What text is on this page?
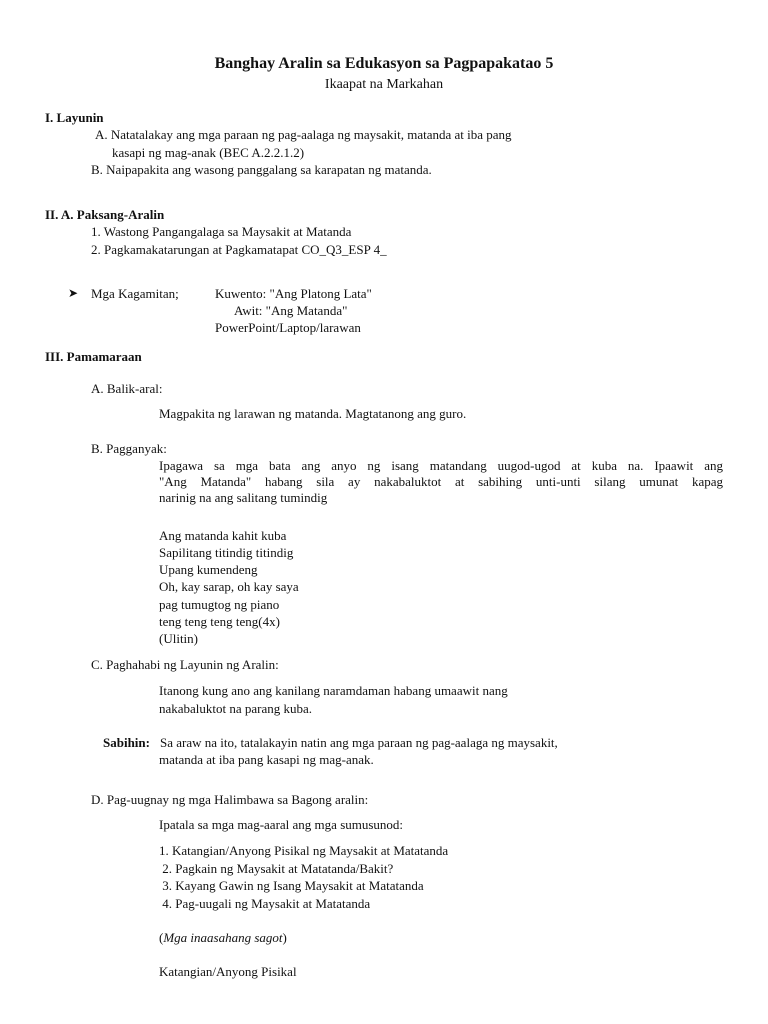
Banghay Aralin sa Edukasyon sa Pagpapakatao 5
Ikaapat na Markahan
I. Layunin
A. Natatalakay ang mga paraan ng pag-aalaga ng maysakit, matanda at iba pang
kasapi ng mag-anak (BEC A.2.2.1.2)
B. Naipapakita ang wasong panggalang sa karapatan ng matanda.
II. A. Paksang-Aralin
1. Wastong Pangangalaga sa Maysakit at Matanda
2. Pagkamakatarungan at Pagkamatapat CO_Q3_ESP 4_
➤ Mga Kagamitan;	Kuwento: "Ang Platong Lata"
Awit: "Ang Matanda"
PowerPoint/Laptop/larawan
III. Pamamaraan
A. Balik-aral:
Magpakita ng larawan ng matanda. Magtatanong ang guro.
B. Pagganyak:
Ipagawa sa mga bata ang anyo ng isang matandang uugod-ugod at kuba na. Ipaawit ang
"Ang Matanda" habang sila ay nakabaluktot at sabihing unti-unti silang umunat kapag
narinig na ang salitang tumindig
Ang matanda kahit kuba
Sapilitang titindig titindig
Upang kumendeng
Oh, kay sarap, oh kay saya
pag tumugtog ng piano
teng teng teng teng(4x)
(Ulitin)
C. Paghahabi ng Layunin ng Aralin:
Itanong kung ano ang kanilang naramdaman habang umaawit nang
nakabaluktot na parang kuba.
Sabihin: Sa araw na ito, tatalakayin natin ang mga paraan ng pag-aalaga ng maysakit,
matanda at iba pang kasapi ng mag-anak.
D. Pag-uugnay ng mga Halimbawa sa Bagong aralin:
Ipatala sa mga mag-aaral ang mga sumusunod:
1. Katangian/Anyong Pisikal ng Maysakit at Matatanda
2. Pagkain ng Maysakit at Matatanda/Bakit?
3. Kayang Gawin ng Isang Maysakit at Matatanda
4. Pag-uugali ng Maysakit at Matatanda
(Mga inaasahang sagot)
Katangian/Anyong Pisikal
